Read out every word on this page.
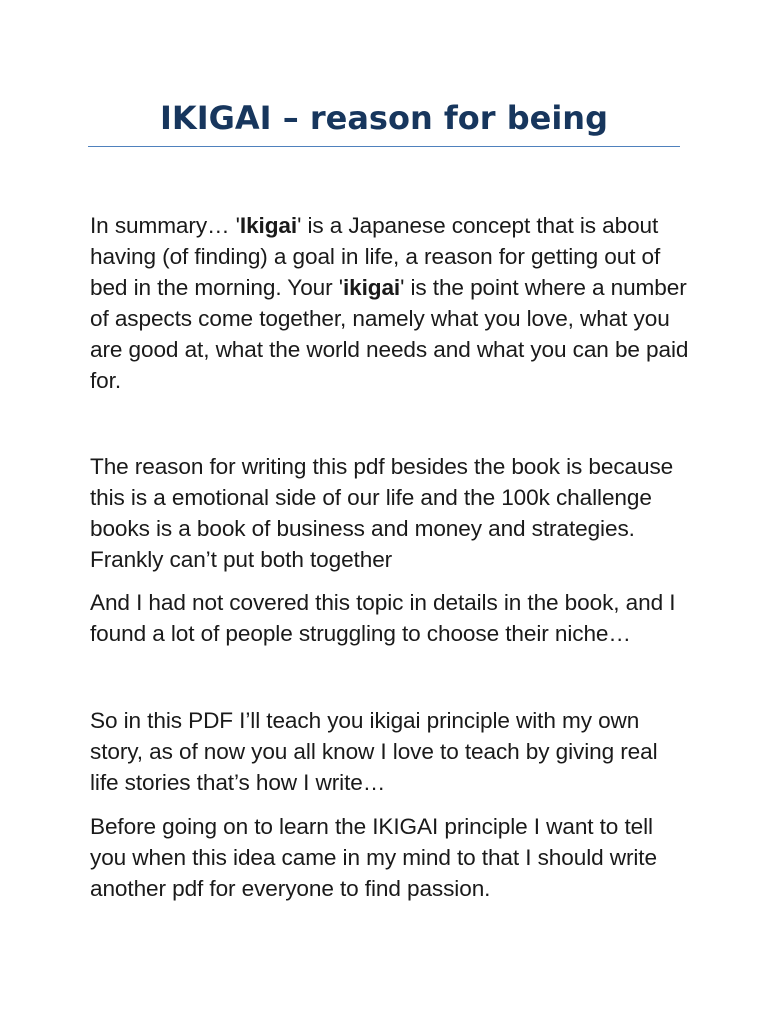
IKIGAI – reason for being

In summary… 'Ikigai' is a Japanese concept that is about having (of finding) a goal in life, a reason for getting out of bed in the morning. Your 'ikigai' is the point where a number of aspects come together, namely what you love, what you are good at, what the world needs and what you can be paid for.

The reason for writing this pdf besides the book is because this is a emotional side of our life and the 100k challenge books is a book of business and money and strategies. Frankly can’t put both together

And I had not covered this topic in details in the book, and I found a lot of people struggling to choose their niche…

So in this PDF I’ll teach you ikigai principle with my own story, as of now you all know I love to teach by giving real life stories that’s how I write…

Before going on to learn the IKIGAI principle I want to tell you when this idea came in my mind to that I should write another pdf for everyone to find passion.
